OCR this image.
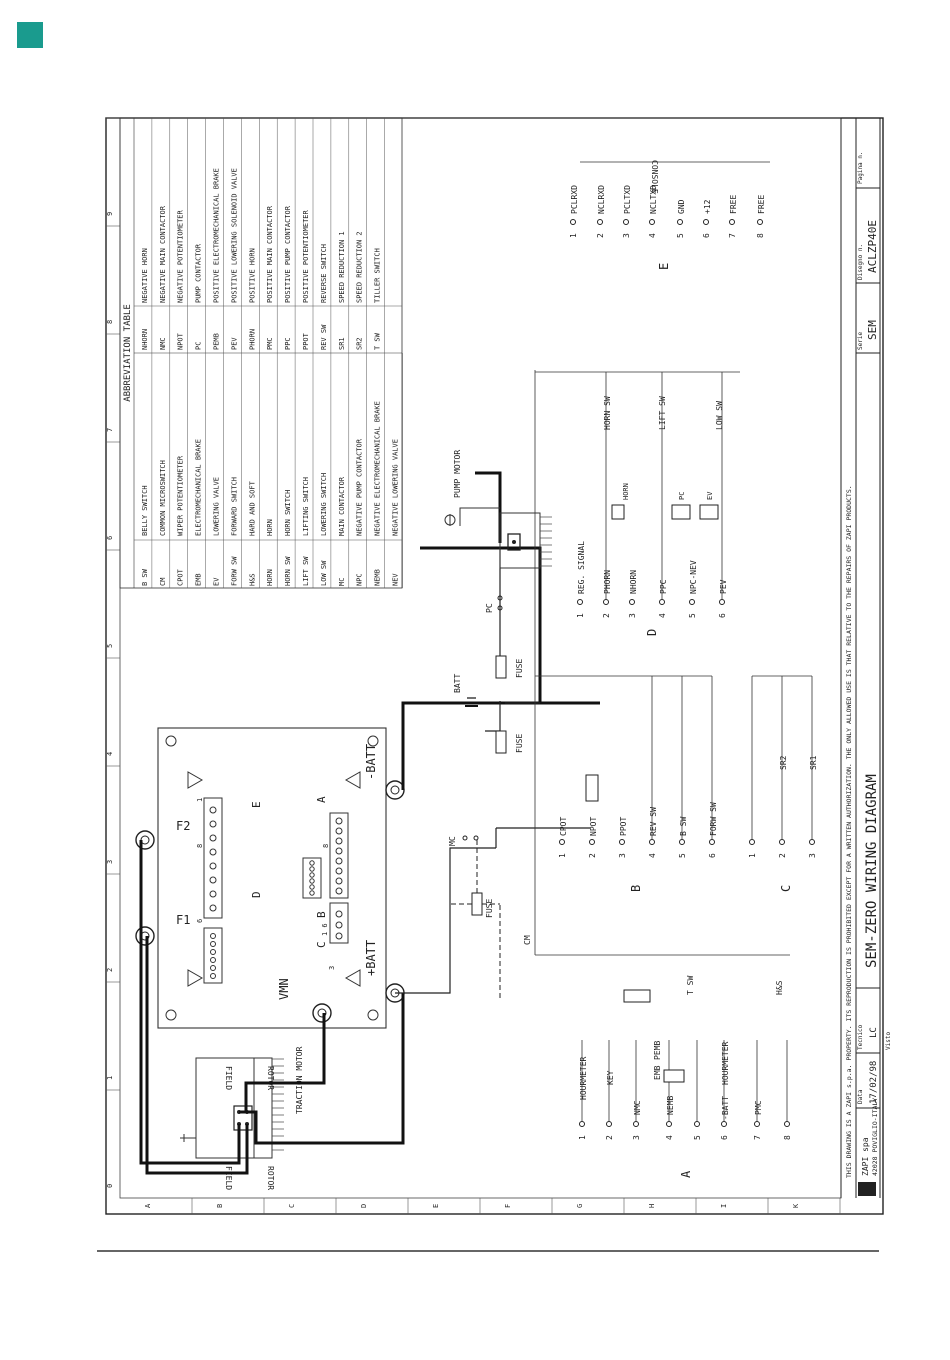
0
1
2
3
4
5
6
7
8
9
A	B	C	D	E	F	G	H	I	K
ABBREVIATION TABLE
B SW
BELLY SWITCH
CM
COMMON MICROSWITCH
CPOT
WIPER POTENTIOMETER
EMB
ELECTROMECHANICAL BRAKE
EV
LOWERING VALVE
FORW SW
FORWARD SWITCH
H&S
HARD AND SOFT
HORN
HORN
HORN SW
HORN SWITCH
LIFT SW
LIFTING SWITCH
LOW SW
LOWERING SWITCH
MC
MAIN CONTACTOR
NPC
NEGATIVE PUMP CONTACTOR
NEMB
NEGATIVE ELECTROMECHANICAL BRAKE
NEV
NEGATIVE LOWERING VALVE
NHORN
NEGATIVE HORN
NMC
NEGATIVE MAIN CONTACTOR
NPOT
NEGATIVE POTENTIOMETER
PC
PUMP CONTACTOR
PEMB
POSITIVE ELECTROMECHANICAL BRAKE
PEV
POSITIVE LOWERING SOLENOID VALVE
PHORN
POSITIVE HORN
PMC
POSITIVE MAIN CONTACTOR
PPC
POSITIVE PUMP CONTACTOR
PPOT
POSITIVE POTENTIOMETER
REV SW
REVERSE SWITCH
SR1
SPEED REDUCTION 1
SR2
SPEED REDUCTION 2
T SW
TILLER SWITCH
F1
F2
VMN
+BATT
-BATT
D
E
B
C
A
3
1 6
6
8
1
8
TRACTION MOTOR
FIELD	ROTOR
FIELD	ROTOR
FUSE
FUSE
BATT
PC
MC
FUSE
PUMP MOTOR
THIS DRAWING IS A ZAPI s.p.a. PROPERTY. ITS REPRODUCTION IS PROHIBITED EXCEPT FOR A WRITTEN AUTHORIZATION. THE ONLY ALLOWED USE IS THAT RELATIVE TO THE REPAIRS OF ZAPI PRODUCTS. ZAPI spa 42028 POVIGLIO-ITALY
Data 17/02/98
Tecnico LC Visto
SEM-ZERO WIRING DIAGRAM
Serie
SEM
Disegno n. ACLZP40E
Pagina n.
1 2 3	4 5 6	7	8
A
HOURMETER KEY
NMC	NEMB
EMB
PEMB
-BATT
HOURMETER
PMC
T SW	H&S
CM
1	2	3	4	5	6
B
CPOT	NPOT	PPOT	REV SW	B SW	FORW SW
1	2	3
C
SR2	SR1
1 2 3	4	5	6
D
REG. SIGNAL PHORN NHORN	PPC	NPC-NEV	PEV
HORN	PC	EV
HORN SW	LIFT SW	LOW SW
1 2 3 4 5 6 7 8
E
PCLRXD NCLRXD PCLTXD NCLTXD GND +12 FREE FREE
CONSOLE
